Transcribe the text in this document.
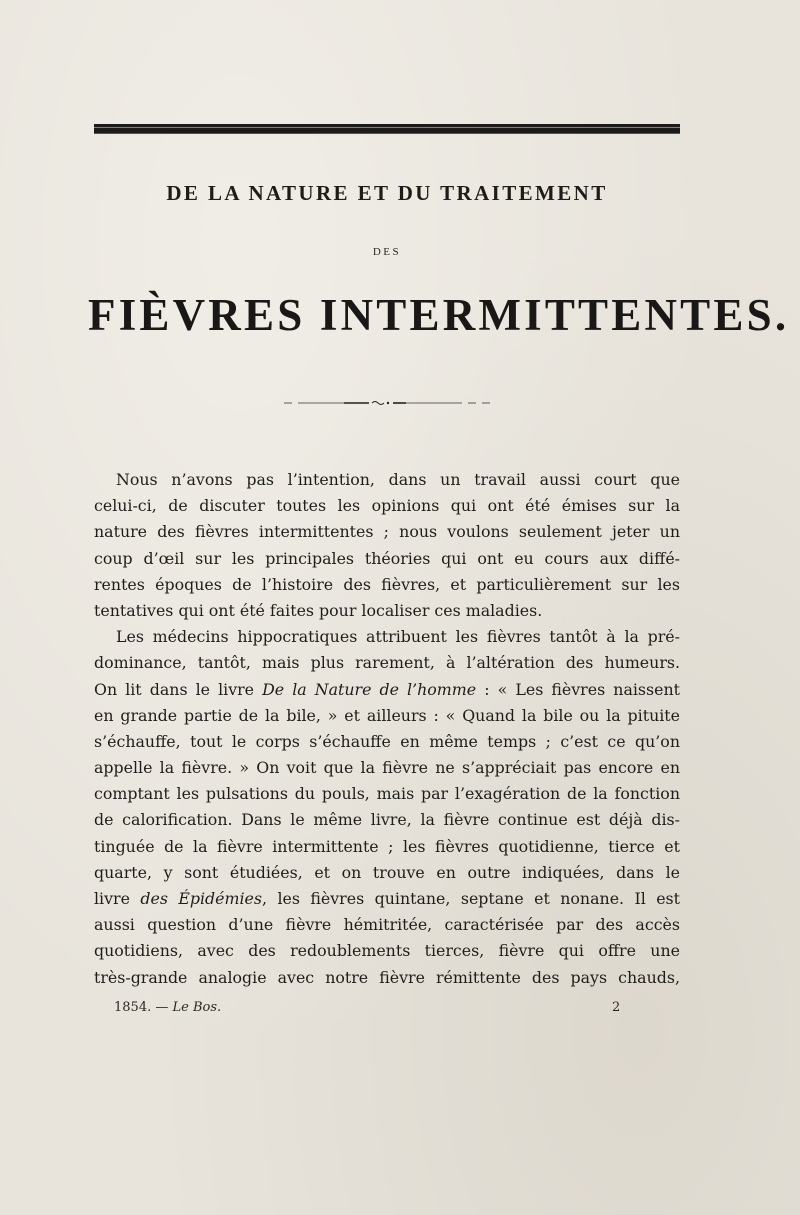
DE LA NATURE ET DU TRAITEMENT
DES
FIÈVRES INTERMITTENTES.
Nous n’avons pas l’intention, dans un travail aussi court que
celui-ci, de discuter toutes les opinions qui ont été émises sur la
nature des fièvres intermittentes ; nous voulons seulement jeter un
coup d’œil sur les principales théories qui ont eu cours aux diffé-
rentes époques de l’histoire des fièvres, et particulièrement sur les
tentatives qui ont été faites pour localiser ces maladies.
Les médecins hippocratiques attribuent les fièvres tantôt à la pré-
dominance, tantôt, mais plus rarement, à l’altération des humeurs.
On lit dans le livre De la Nature de l’homme : « Les fièvres naissent
en grande partie de la bile, » et ailleurs : « Quand la bile ou la pituite
s’échauffe, tout le corps s’échauffe en même temps ; c’est ce qu’on
appelle la fièvre. » On voit que la fièvre ne s’appréciait pas encore en
comptant les pulsations du pouls, mais par l’exagération de la fonction
de calorification. Dans le même livre, la fièvre continue est déjà dis-
tinguée de la fièvre intermittente ; les fièvres quotidienne, tierce et
quarte, y sont étudiées, et on trouve en outre indiquées, dans le
livre des Épidémies, les fièvres quintane, septane et nonane. Il est
aussi question d’une fièvre hémitritée, caractérisée par des accès
quotidiens, avec des redoublements tierces, fièvre qui offre une
très-grande analogie avec notre fièvre rémittente des pays chauds,
1854. — Le Bos.	2
